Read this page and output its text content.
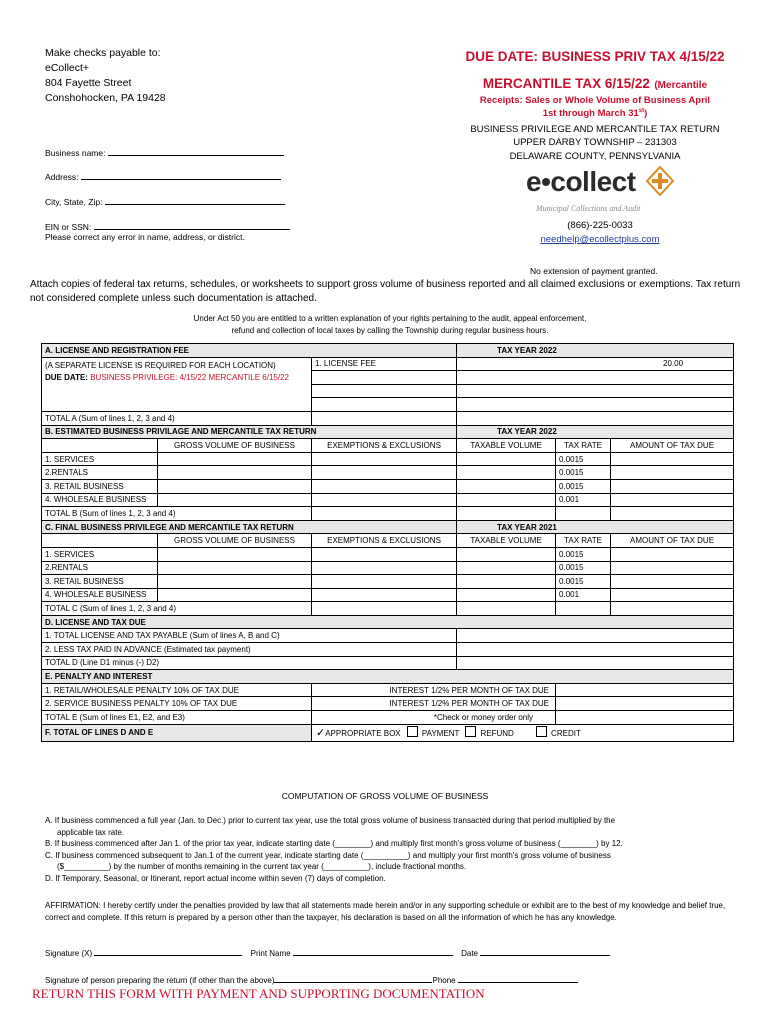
Make checks payable to:
eCollect+
804 Fayette Street
Conshohocken, PA 19428
Business name:
Address:
City, State, Zip:
EIN or SSN:
Please correct any error in name, address, or district.
DUE DATE: BUSINESS PRIV TAX 4/15/22
MERCANTILE TAX 6/15/22 (Mercantile
Receipts: Sales or Whole Volume of Business April
1st through March 31st)
BUSINESS PRIVILEGE AND MERCANTILE TAX RETURN
UPPER DARBY TOWNSHIP – 231303
DELAWARE COUNTY, PENNSYLVANIA
e•collect
Municipal Collections and Audit
(866)-225-0033
needhelp@ecollectplus.com
No extension of payment granted.
Attach copies of federal tax returns, schedules, or worksheets to support gross volume of business reported and all claimed exclusions or exemptions. Tax return not considered complete unless such documentation is attached.
Under Act 50 you are entitled to a written explanation of your rights pertaining to the audit, appeal enforcement,
refund and collection of local taxes by calling the Township during regular business hours.
A. LICENSE AND REGISTRATION FEE			TAX YEAR 2022		

(A SEPARATE LICENSE IS REQUIRED FOR EACH LOCATION)
DUE DATE: BUSINESS PRIVILEGE: 4/15/22 MERCANTILE 6/15/22		1. LICENSE FEE	20.00		

TOTAL A (Sum of lines 1, 2, 3 and 4)					
B. ESTIMATED BUSINESS PRIVILAGE AND MERCANTILE TAX RETURN			TAX YEAR 2022		
	GROSS VOLUME OF BUSINESS	EXEMPTIONS & EXCLUSIONS	TAXABLE VOLUME	TAX RATE	AMOUNT OF TAX DUE
1. SERVICES				0.0015	
2.RENTALS				0.0015	
3. RETAIL BUSINESS				0.0015	
4. WHOLESALE BUSINESS				0.001	
TOTAL B (Sum of lines 1, 2, 3 and 4)					
C. FINAL BUSINESS PRIVILEGE AND MERCANTILE TAX RETURN			TAX YEAR 2021		
	GROSS VOLUME OF BUSINESS	EXEMPTIONS & EXCLUSIONS	TAXABLE VOLUME	TAX RATE	AMOUNT OF TAX DUE
1. SERVICES				0.0015	
2.RENTALS				0.0015	
3. RETAIL BUSINESS				0.0015	
4. WHOLESALE BUSINESS				0.001	
TOTAL C (Sum of lines 1, 2, 3 and 4)					
D. LICENSE AND TAX DUE					
1. TOTAL LICENSE AND TAX PAYABLE (Sum of lines A, B and C)					
2. LESS TAX PAID IN ADVANCE (Estimated tax payment)					
TOTAL D (Line D1 minus (-) D2)					
E. PENALTY AND INTEREST					
1. RETAIL/WHOLESALE PENALTY 10% OF TAX DUE		INTEREST 1/2% PER MONTH OF TAX DUE			
2. SERVICE BUSINESS PENALTY 10% OF TAX DUE		INTEREST 1/2% PER MONTH OF TAX DUE			
TOTAL E (Sum of lines E1, E2, and E3)		*Check or money order only			
F. TOTAL OF LINES D AND E		✓APPROPRIATE BOX PAYMENT REFUND CREDIT			
COMPUTATION OF GROSS VOLUME OF BUSINESS
A. If business commenced a full year (Jan. to Dec.) prior to current tax year, use the total gross volume of business transacted during that period multiplied by the
applicable tax rate.
B. If business commenced after Jan 1. of the prior tax year, indicate starting date (________) and multiply first month's gross volume of business (________) by 12.
C. If business commenced subsequent to Jan.1 of the current year, indicate starting date (__________) and multiply your first month's gross volume of business
($__________) by the number of months remaining in the current tax year (__________), include fractional months.
D. If Temporary, Seasonal, or Itinerant, report actual income within seven (7) days of completion.
AFFIRMATION: I hereby certify under the penalties provided by law that all statements made herein and/or in any supporting schedule or exhibit are to the best of my knowledge and belief true, correct and complete. If this return is prepared by a person other than the taxpayer, his declaration is based on all the information of which he has any knowledge.
Signature (X)	Print Name	Date
Signature of person preparing the return (if other than the above)	Phone
RETURN THIS FORM WITH PAYMENT AND SUPPORTING DOCUMENTATION
